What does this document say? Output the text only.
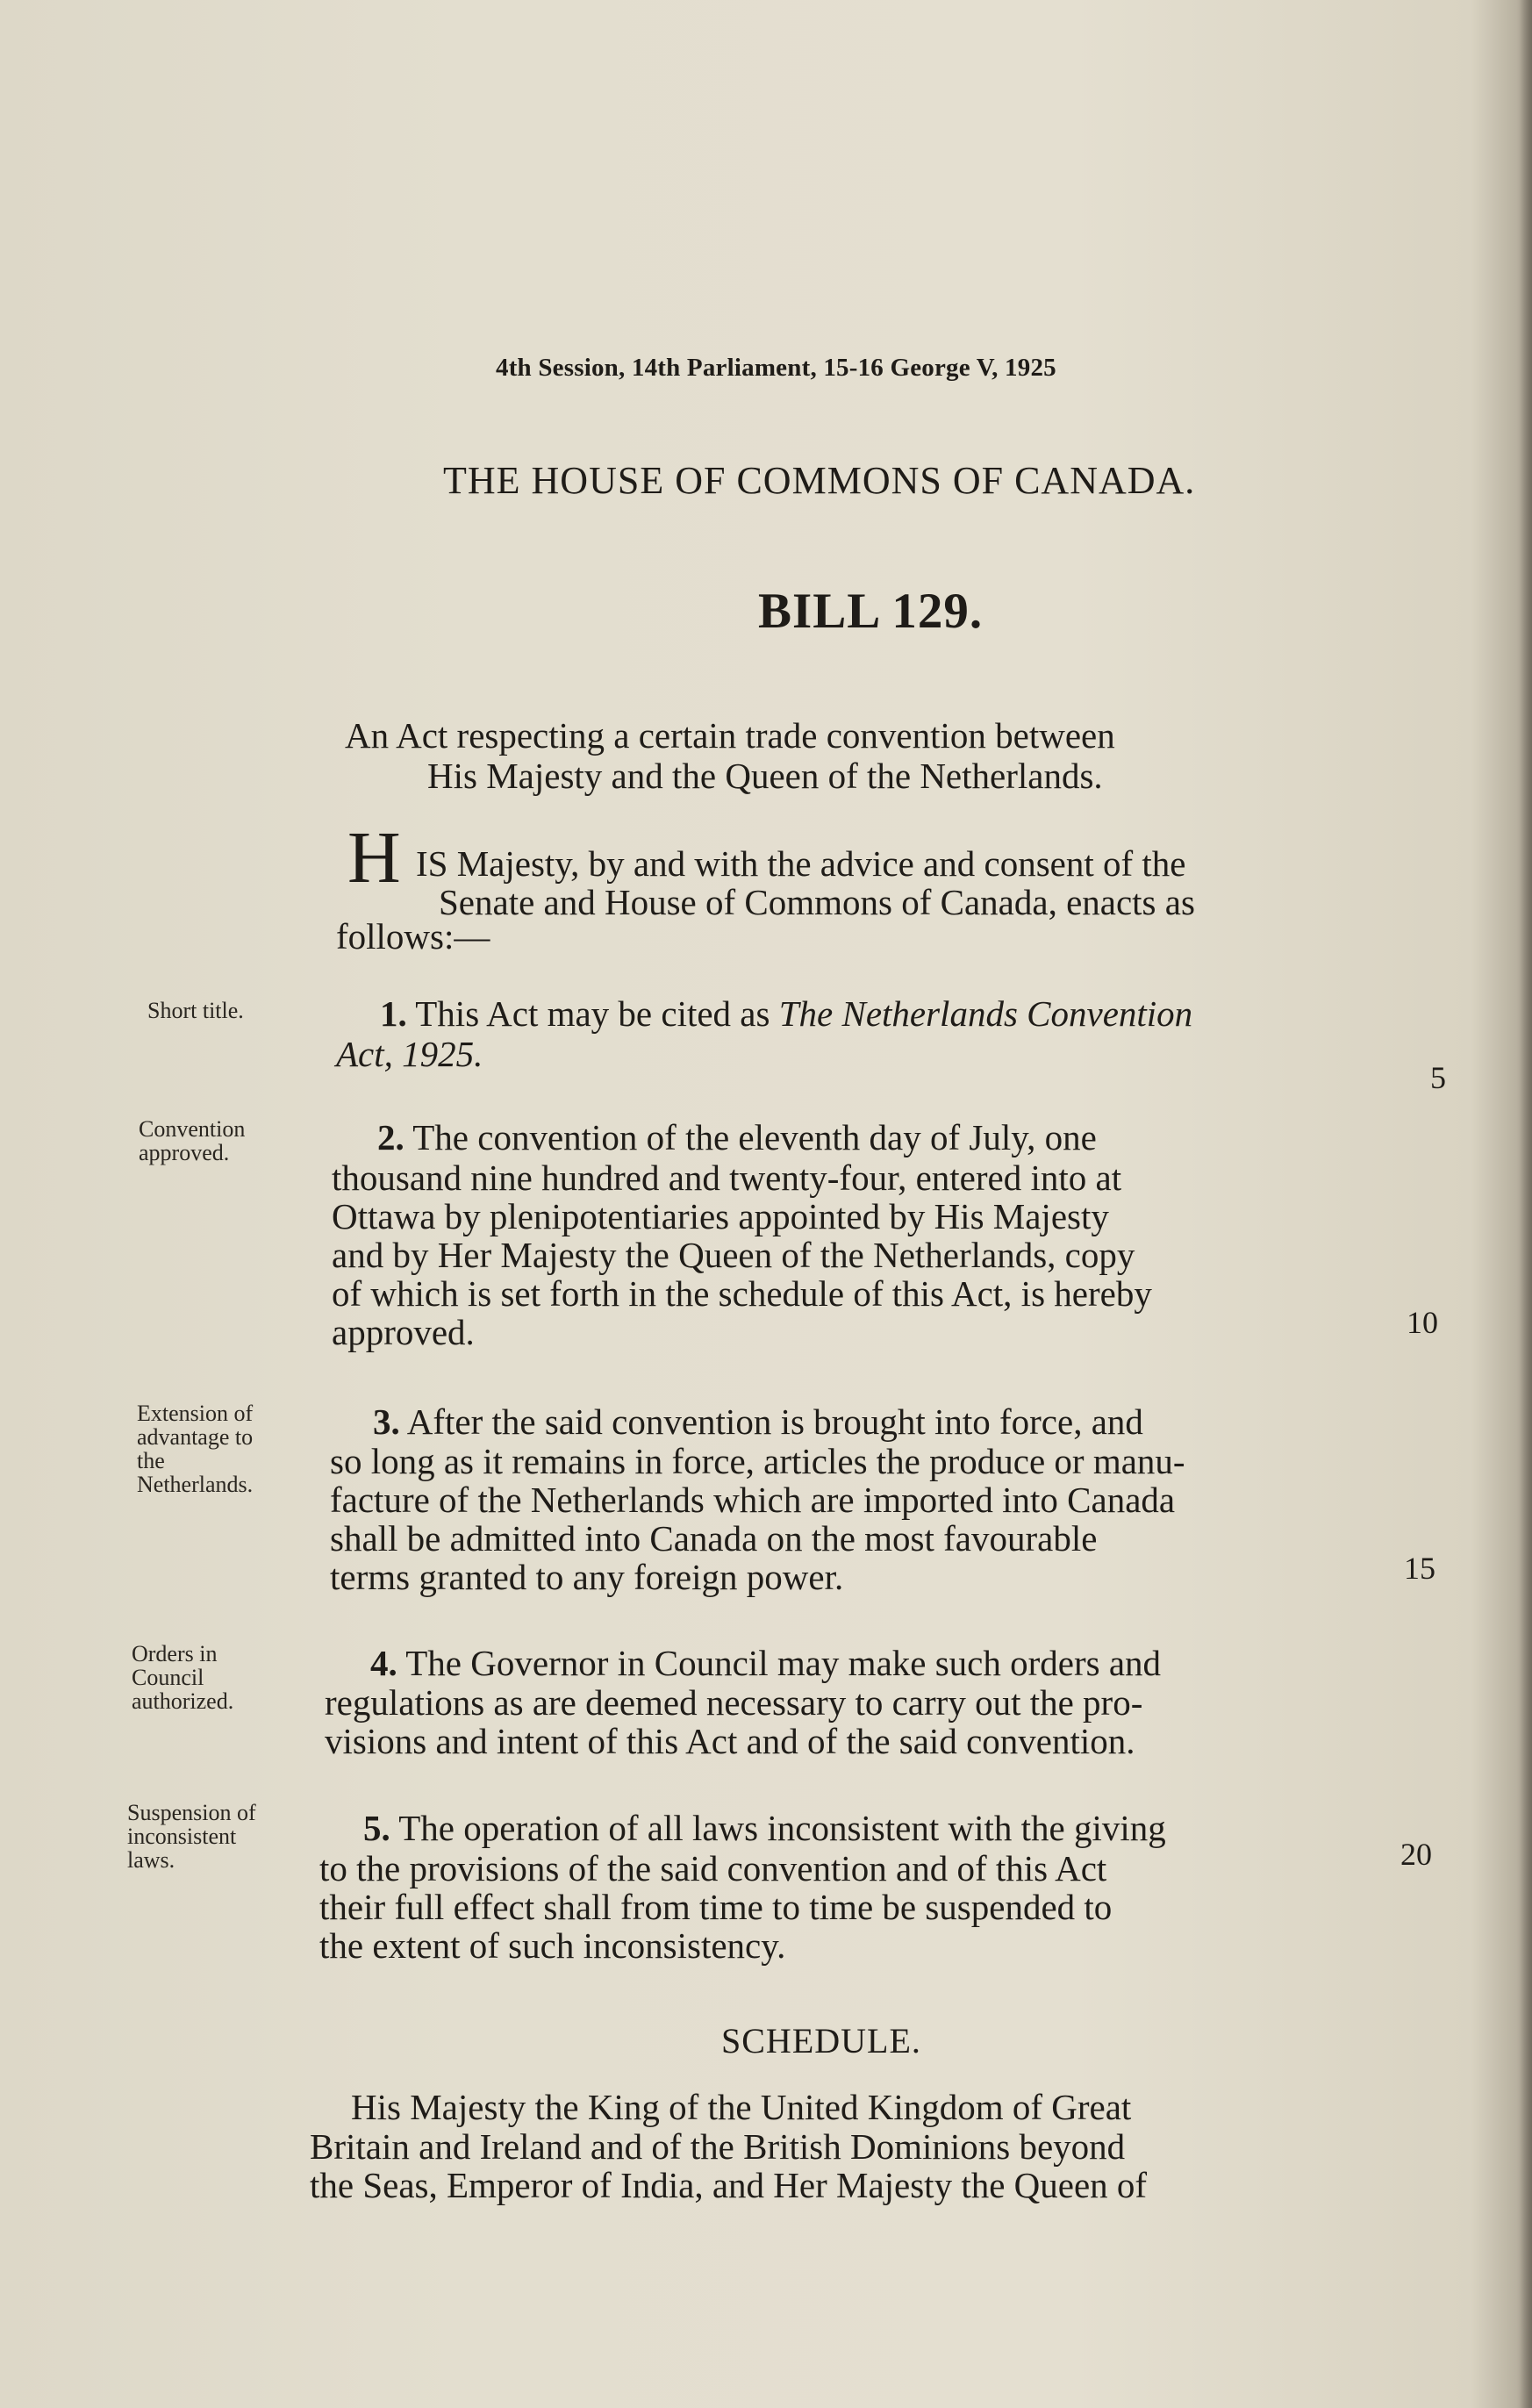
4th Session, 14th Parliament, 15-16 George V, 1925
THE HOUSE OF COMMONS OF CANADA.
BILL 129.
An Act respecting a certain trade convention between
His Majesty and the Queen of the Netherlands.
H IS Majesty, by and with the advice and consent of the
Senate and House of Commons of Canada, enacts as
follows:—
Short title.
Convention
approved.
Extension of
advantage to
the
Netherlands.
Orders in
Council
authorized.
Suspension of
inconsistent
laws.
1. This Act may be cited as The Netherlands Convention
Act, 1925.
2. The convention of the eleventh day of July, one
thousand nine hundred and twenty-four, entered into at
Ottawa by plenipotentiaries appointed by His Majesty
and by Her Majesty the Queen of the Netherlands, copy
of which is set forth in the schedule of this Act, is hereby
approved.
3. After the said convention is brought into force, and
so long as it remains in force, articles the produce or manu-
facture of the Netherlands which are imported into Canada
shall be admitted into Canada on the most favourable
terms granted to any foreign power.
4. The Governor in Council may make such orders and
regulations as are deemed necessary to carry out the pro-
visions and intent of this Act and of the said convention.
5. The operation of all laws inconsistent with the giving
to the provisions of the said convention and of this Act
their full effect shall from time to time be suspended to
the extent of such inconsistency.
5
10
15
20
SCHEDULE.
His Majesty the King of the United Kingdom of Great
Britain and Ireland and of the British Dominions beyond
the Seas, Emperor of India, and Her Majesty the Queen of
